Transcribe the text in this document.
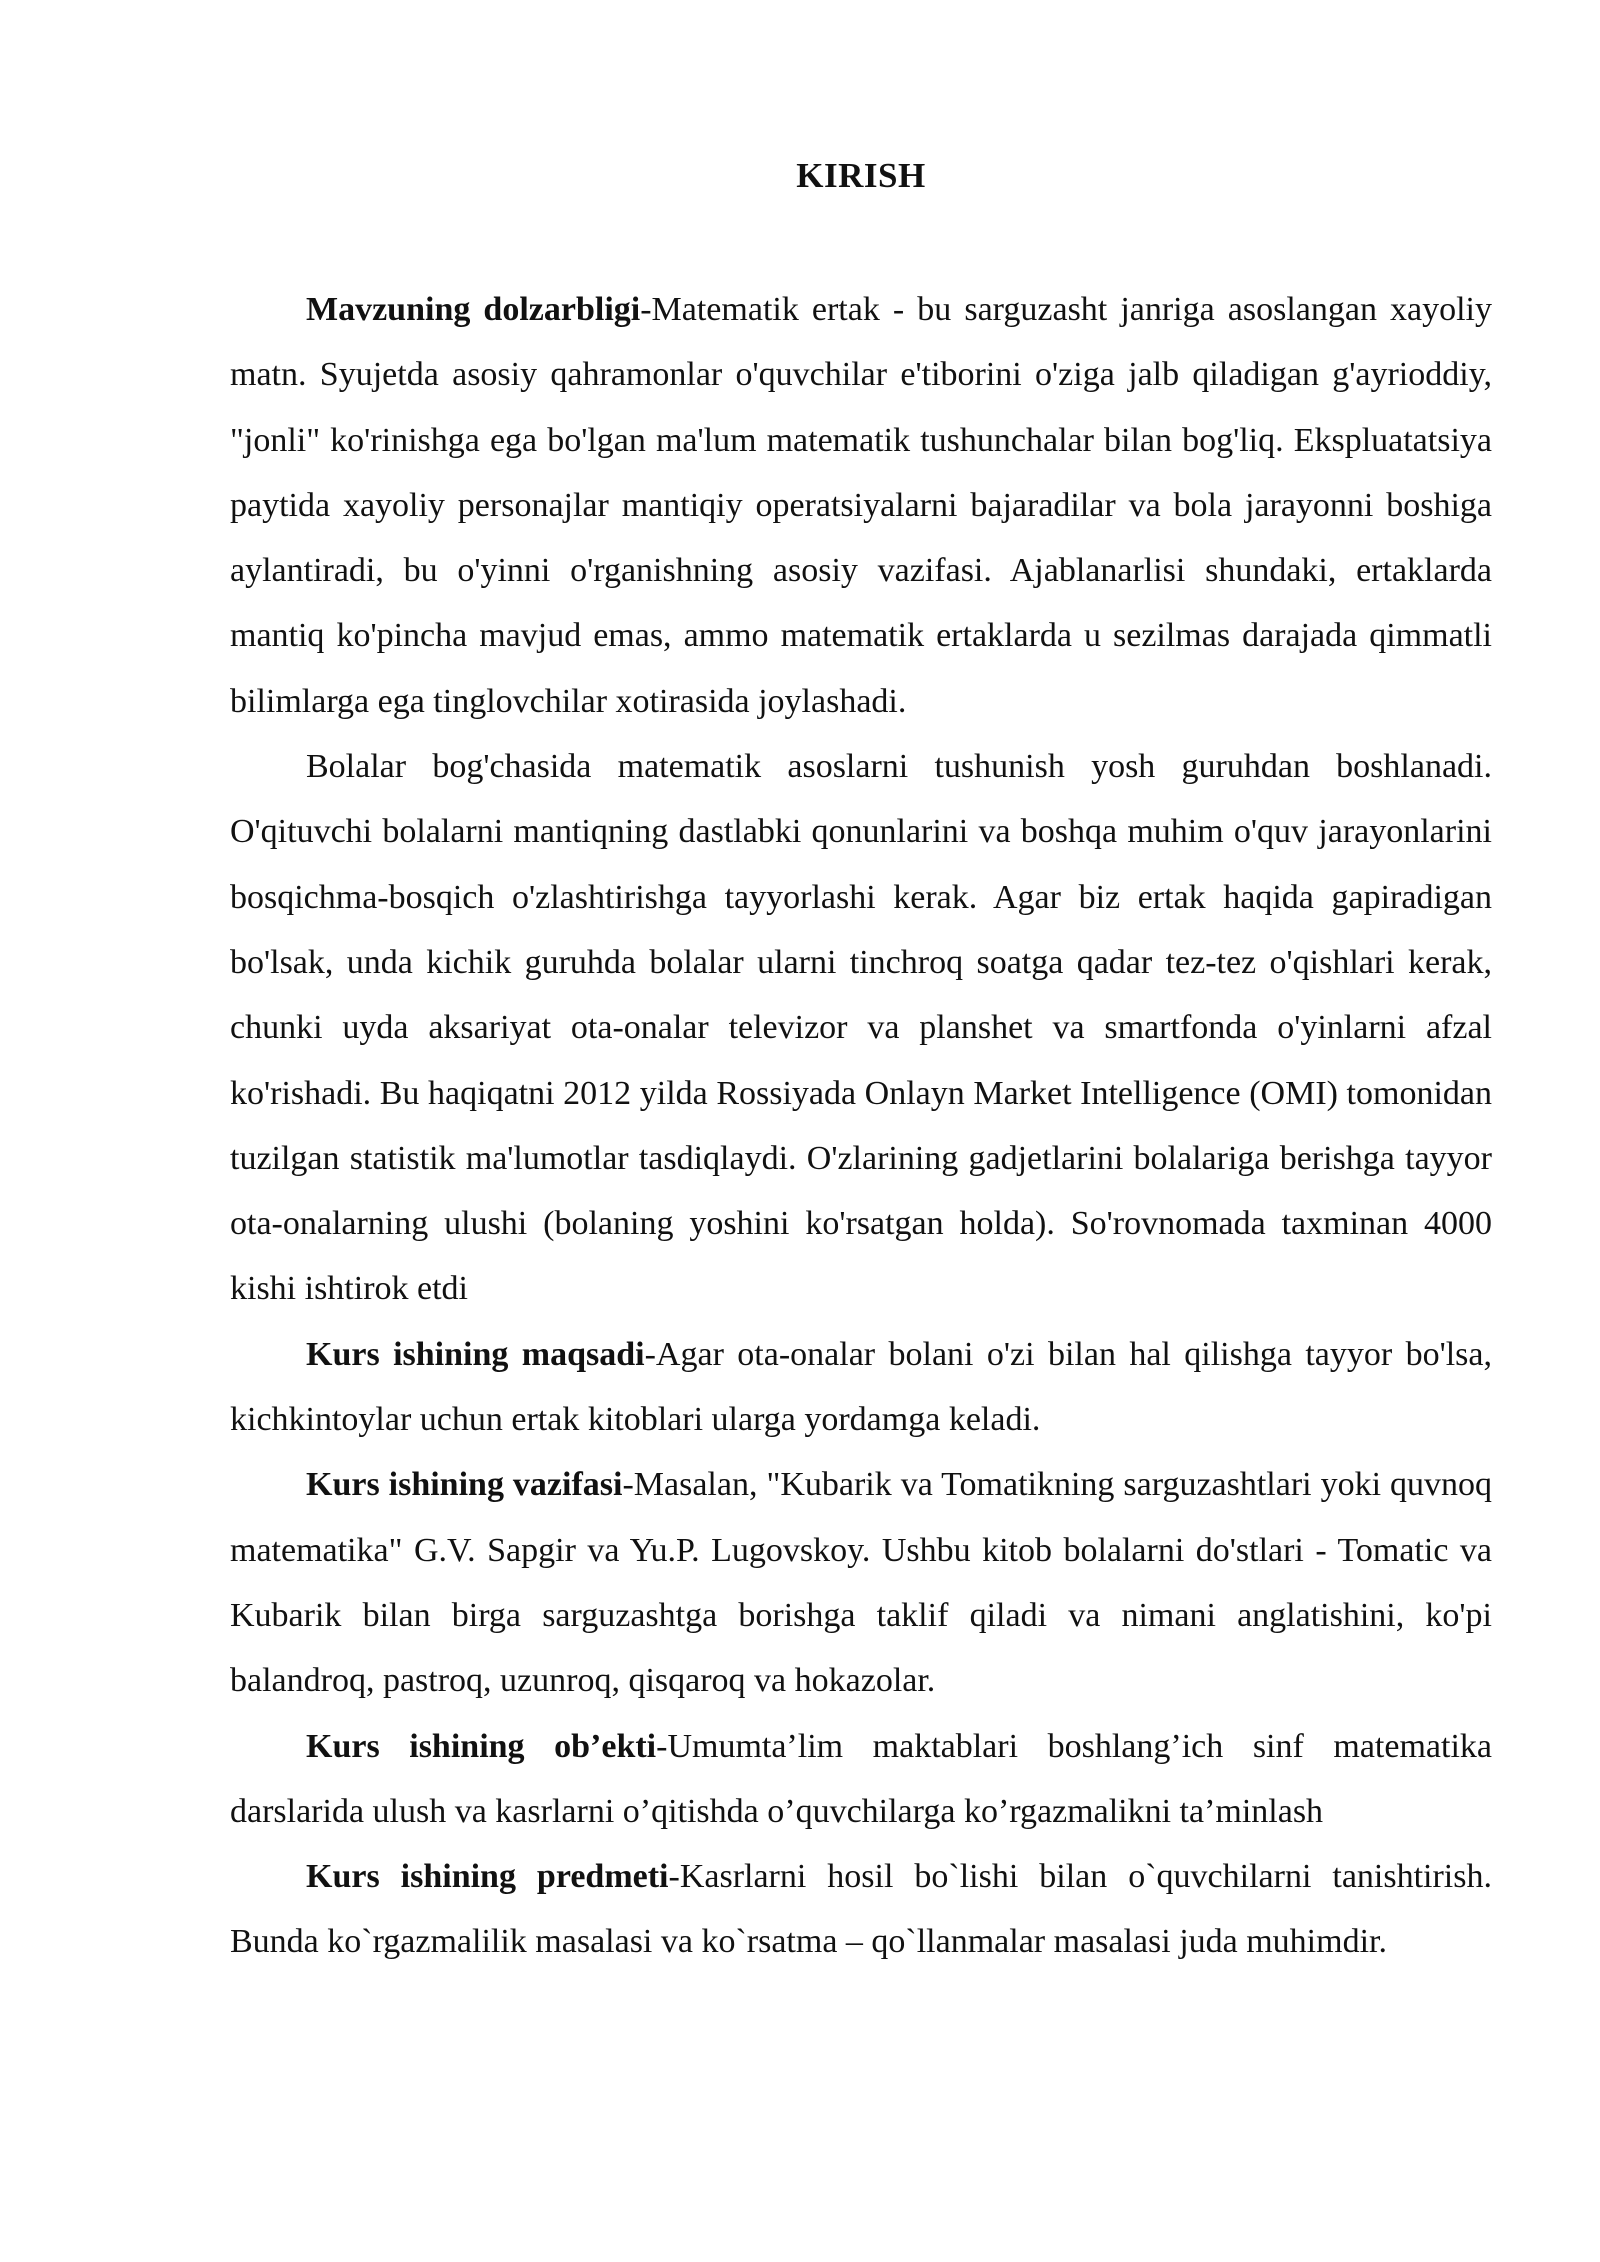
KIRISH

Mavzuning dolzarbligi-Matematik ertak - bu sarguzasht janriga asoslangan xayoliy matn. Syujetda asosiy qahramonlar o'quvchilar e'tiborini o'ziga jalb qiladigan g'ayrioddiy, "jonli" ko'rinishga ega bo'lgan ma'lum matematik tushunchalar bilan bog'liq. Ekspluatatsiya paytida xayoliy personajlar mantiqiy operatsiyalarni bajaradilar va bola jarayonni boshiga aylantiradi, bu o'yinni o'rganishning asosiy vazifasi. Ajablanarlisi shundaki, ertaklarda mantiq ko'pincha mavjud emas, ammo matematik ertaklarda u sezilmas darajada qimmatli bilimlarga ega tinglovchilar xotirasida joylashadi.

Bolalar bog'chasida matematik asoslarni tushunish yosh guruhdan boshlanadi. O'qituvchi bolalarni mantiqning dastlabki qonunlarini va boshqa muhim o'quv jarayonlarini bosqichma-bosqich o'zlashtirishga tayyorlashi kerak. Agar biz ertak haqida gapiradigan bo'lsak, unda kichik guruhda bolalar ularni tinchroq soatga qadar tez-tez o'qishlari kerak, chunki uyda aksariyat ota-onalar televizor va planshet va smartfonda o'yinlarni afzal ko'rishadi. Bu haqiqatni 2012 yilda Rossiyada Onlayn Market Intelligence (OMI) tomonidan tuzilgan statistik ma'lumotlar tasdiqlaydi. O'zlarining gadjetlarini bolalariga berishga tayyor ota-onalarning ulushi (bolaning yoshini ko'rsatgan holda). So'rovnomada taxminan 4000 kishi ishtirok etdi

Kurs ishining maqsadi-Agar ota-onalar bolani o'zi bilan hal qilishga tayyor bo'lsa, kichkintoylar uchun ertak kitoblari ularga yordamga keladi.

Kurs ishining vazifasi-Masalan, "Kubarik va Tomatikning sarguzashtlari yoki quvnoq matematika" G.V. Sapgir va Yu.P. Lugovskoy. Ushbu kitob bolalarni do'stlari - Tomatic va Kubarik bilan birga sarguzashtga borishga taklif qiladi va nimani anglatishini, ko'pi balandroq, pastroq, uzunroq, qisqaroq va hokazolar.

Kurs ishining ob’ekti-Umumta’lim maktablari boshlang’ich sinf matematika darslarida ulush va kasrlarni o’qitishda o’quvchilarga ko’rgazmalikni ta’minlash

Kurs ishining predmeti-Kasrlarni hosil bo`lishi bilan o`quvchilarni tanishtirish. Bunda ko`rgazmalilik masalasi va ko`rsatma – qo`llanmalar masalasi juda muhimdir.
